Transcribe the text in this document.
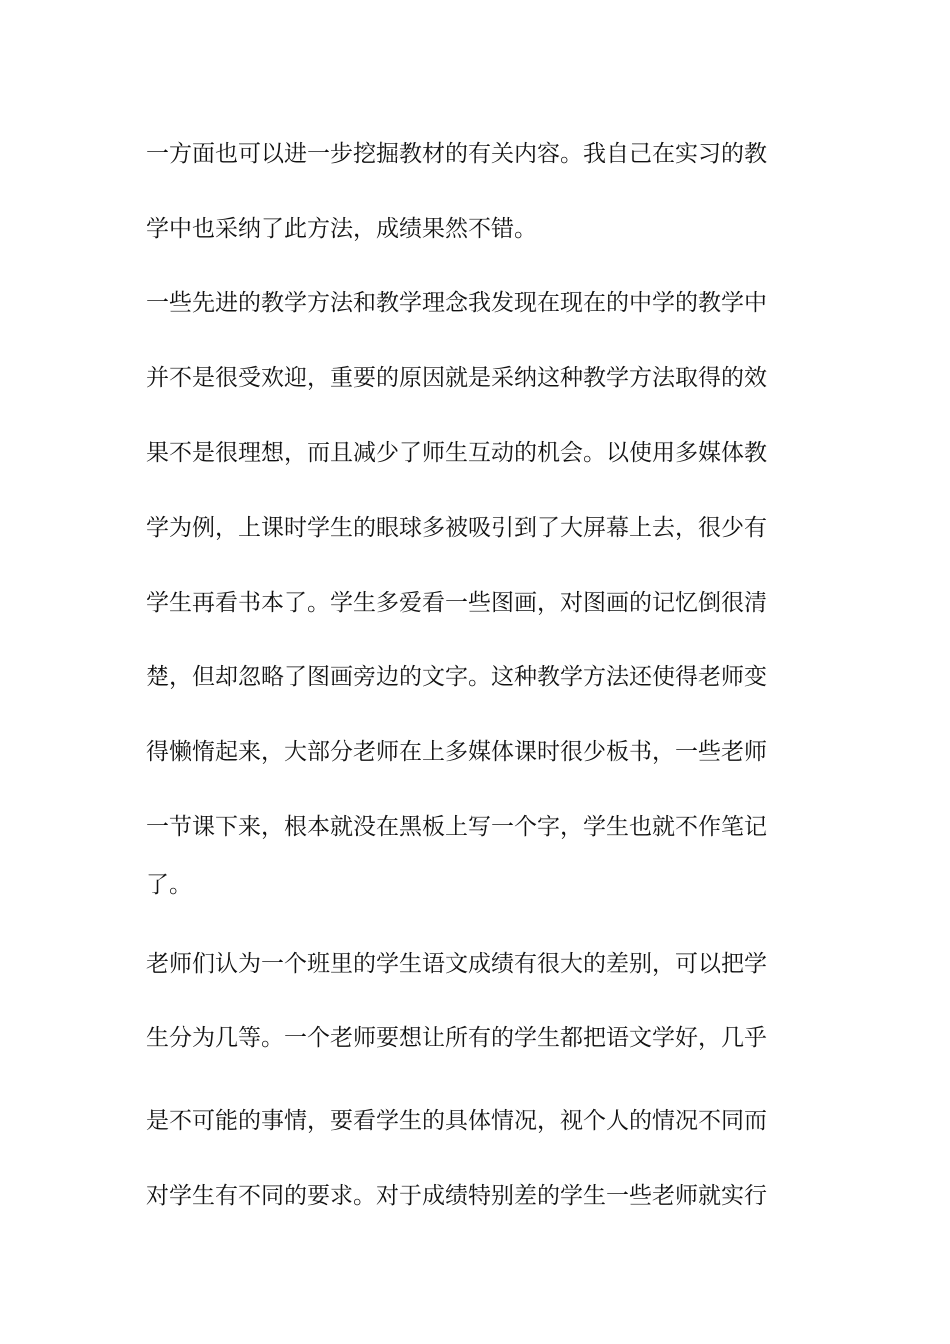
一方面也可以进一步挖掘教材的有关内容。我自己在实习的教
学中也采纳了此方法，成绩果然不错。
一些先进的教学方法和教学理念我发现在现在的中学的教学中
并不是很受欢迎，重要的原因就是采纳这种教学方法取得的效
果不是很理想，而且减少了师生互动的机会。以使用多媒体教
学为例，上课时学生的眼球多被吸引到了大屏幕上去，很少有
学生再看书本了。学生多爱看一些图画，对图画的记忆倒很清
楚，但却忽略了图画旁边的文字。这种教学方法还使得老师变
得懒惰起来，大部分老师在上多媒体课时很少板书，一些老师
一节课下来，根本就没在黑板上写一个字，学生也就不作笔记
了。
老师们认为一个班里的学生语文成绩有很大的差别，可以把学
生分为几等。一个老师要想让所有的学生都把语文学好，几乎
是不可能的事情，要看学生的具体情况，视个人的情况不同而
对学生有不同的要求。对于成绩特别差的学生一些老师就实行
